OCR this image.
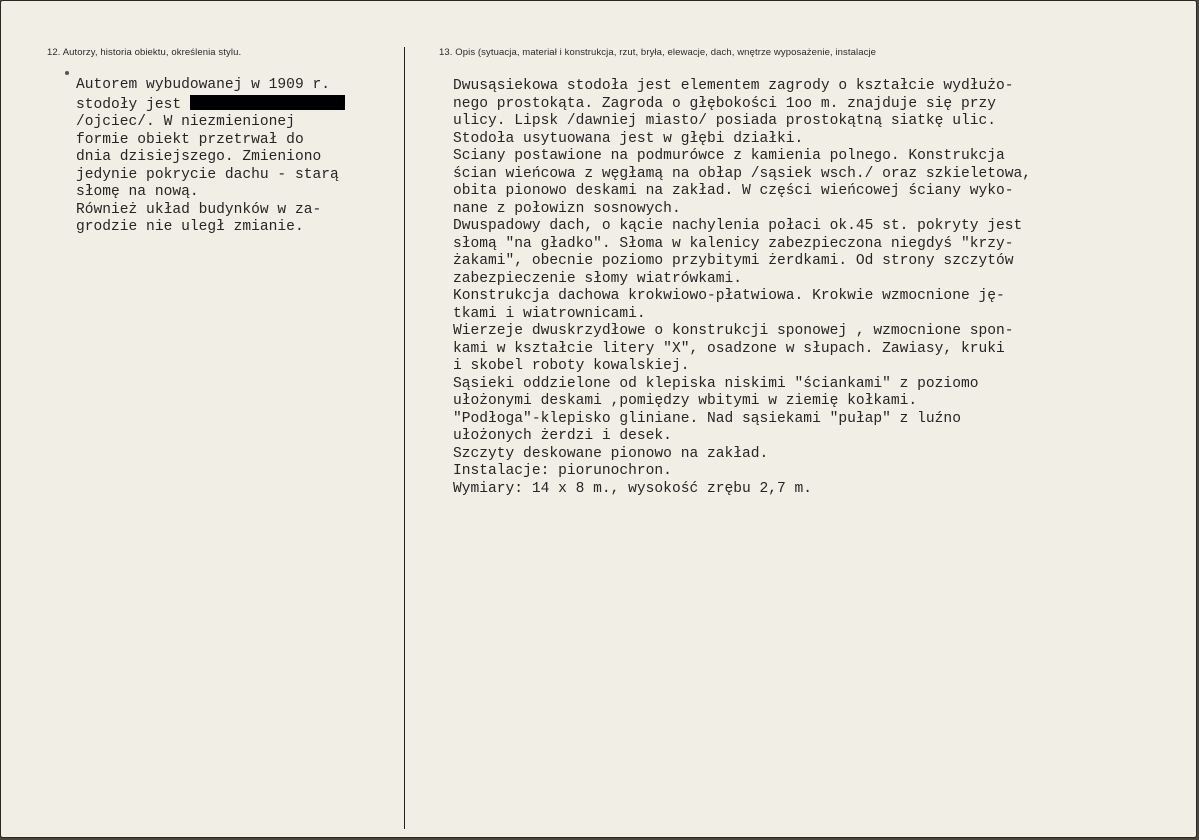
12. Autorzy, historia obiektu, określenia stylu.	13. Opis (sytuacja, materiał i konstrukcja, rzut, bryła, elewacje, dach, wnętrze wyposażenie, instalacje
Autorem wybudowanej w 1909 r.
stodoły jest
/ojciec/. W niezmienionej
formie obiekt przetrwał do
dnia dzisiejszego. Zmieniono
jedynie pokrycie dachu - starą
słomę na nową.
Również układ budynków w za-
grodzie nie uległ zmianie.
Dwusąsiekowa stodoła jest elementem zagrody o kształcie wydłużo-
nego prostokąta. Zagroda o głębokości 1oo m. znajduje się przy
ulicy. Lipsk /dawniej miasto/ posiada prostokątną siatkę ulic.
Stodoła usytuowana jest w głębi działki.
Sciany postawione na podmurówce z kamienia polnego. Konstrukcja
ścian wieńcowa z węgłamą na obłap /sąsiek wsch./ oraz szkieletowa,
obita pionowo deskami na zakład. W części wieńcowej ściany wyko-
nane z połowizn sosnowych.
Dwuspadowy dach, o kącie nachylenia połaci ok.45 st. pokryty jest
słomą "na gładko". Słoma w kalenicy zabezpieczona niegdyś "krzy-
żakami", obecnie poziomo przybitymi żerdkami. Od strony szczytów
zabezpieczenie słomy wiatrówkami.
Konstrukcja dachowa krokwiowo-płatwiowa. Krokwie wzmocnione ję-
tkami i wiatrownicami.
Wierzeje dwuskrzydłowe o konstrukcji sponowej , wzmocnione spon-
kami w kształcie litery "X", osadzone w słupach. Zawiasy, kruki
i skobel roboty kowalskiej.
Sąsieki oddzielone od klepiska niskimi "ściankami" z poziomo
ułożonymi deskami ,pomiędzy wbitymi w ziemię kołkami.
"Podłoga"-klepisko gliniane. Nad sąsiekami "pułap" z luźno
ułożonych żerdzi i desek.
Szczyty deskowane pionowo na zakład.
Instalacje: piorunochron.
Wymiary: 14 x 8 m., wysokość zrębu 2,7 m.
